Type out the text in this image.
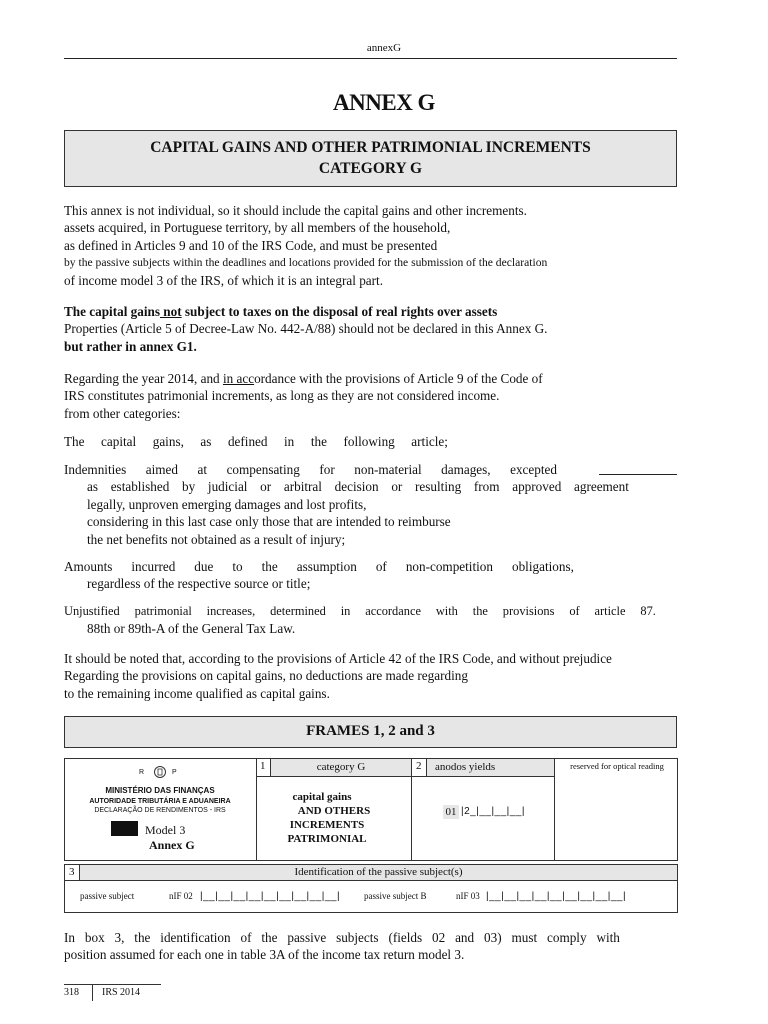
annexG
ANNEX G
CAPITAL GAINS AND OTHER PATRIMONIAL INCREMENTS
CATEGORY G
This annex is not individual, so it should include the capital gains and other increments.
assets acquired, in Portuguese territory, by all members of the household,
as defined in Articles 9 and 10 of the IRS Code, and must be presented
by the passive subjects within the deadlines and locations provided for the submission of the declaration
of income model 3 of the IRS, of which it is an integral part.
The capital gains not subject to taxes on the disposal of real rights over assets
Properties (Article 5 of Decree-Law No. 442-A/88) should not be declared in this Annex G.
but rather in annex G1.
Regarding the year 2014, and in accordance with the provisions of Article 9 of the Code of
IRS constitutes patrimonial increments, as long as they are not considered income.
from other categories:
The capital gains, as defined in the following article;
Indemnities aimed at compensating for non-material damages, excepted
as established by judicial or arbitral decision or resulting from approved agreement
legally, unproven emerging damages and lost profits,
considering in this last case only those that are intended to reimburse
the net benefits not obtained as a result of injury;
Amounts incurred due to the assumption of non-competition obligations,
regardless of the respective source or title;
Unjustified patrimonial increases, determined in accordance with the provisions of article 87.
88th or 89th-A of the General Tax Law.
It should be noted that, according to the provisions of Article 42 of the IRS Code, and without prejudice
Regarding the provisions on capital gains, no deductions are made regarding
to the remaining income qualified as capital gains.
FRAMES 1, 2 and 3
R	P
MINISTÉRIO DAS FINANÇAS
AUTORIDADE TRIBUTÁRIA E ADUANEIRA
DECLARAÇÃO DE RENDIMENTOS - IRS
Model 3
Annex G
1	category G
capital gains
AND OTHERS
INCREMENTS
PATRIMONIAL
2	anodos yields
01 |2_|__|__|__|
reserved for optical reading
3	Identification of the passive subject(s)
passive subject	nIF 02 |__|__|__|__|__|__|__|__|__|	passive subject B	nIF 03 |__|__|__|__|__|__|__|__|__|
In box 3, the identification of the passive subjects (fields 02 and 03) must comply with
position assumed for each one in table 3A of the income tax return model 3.
318 IRS 2014
